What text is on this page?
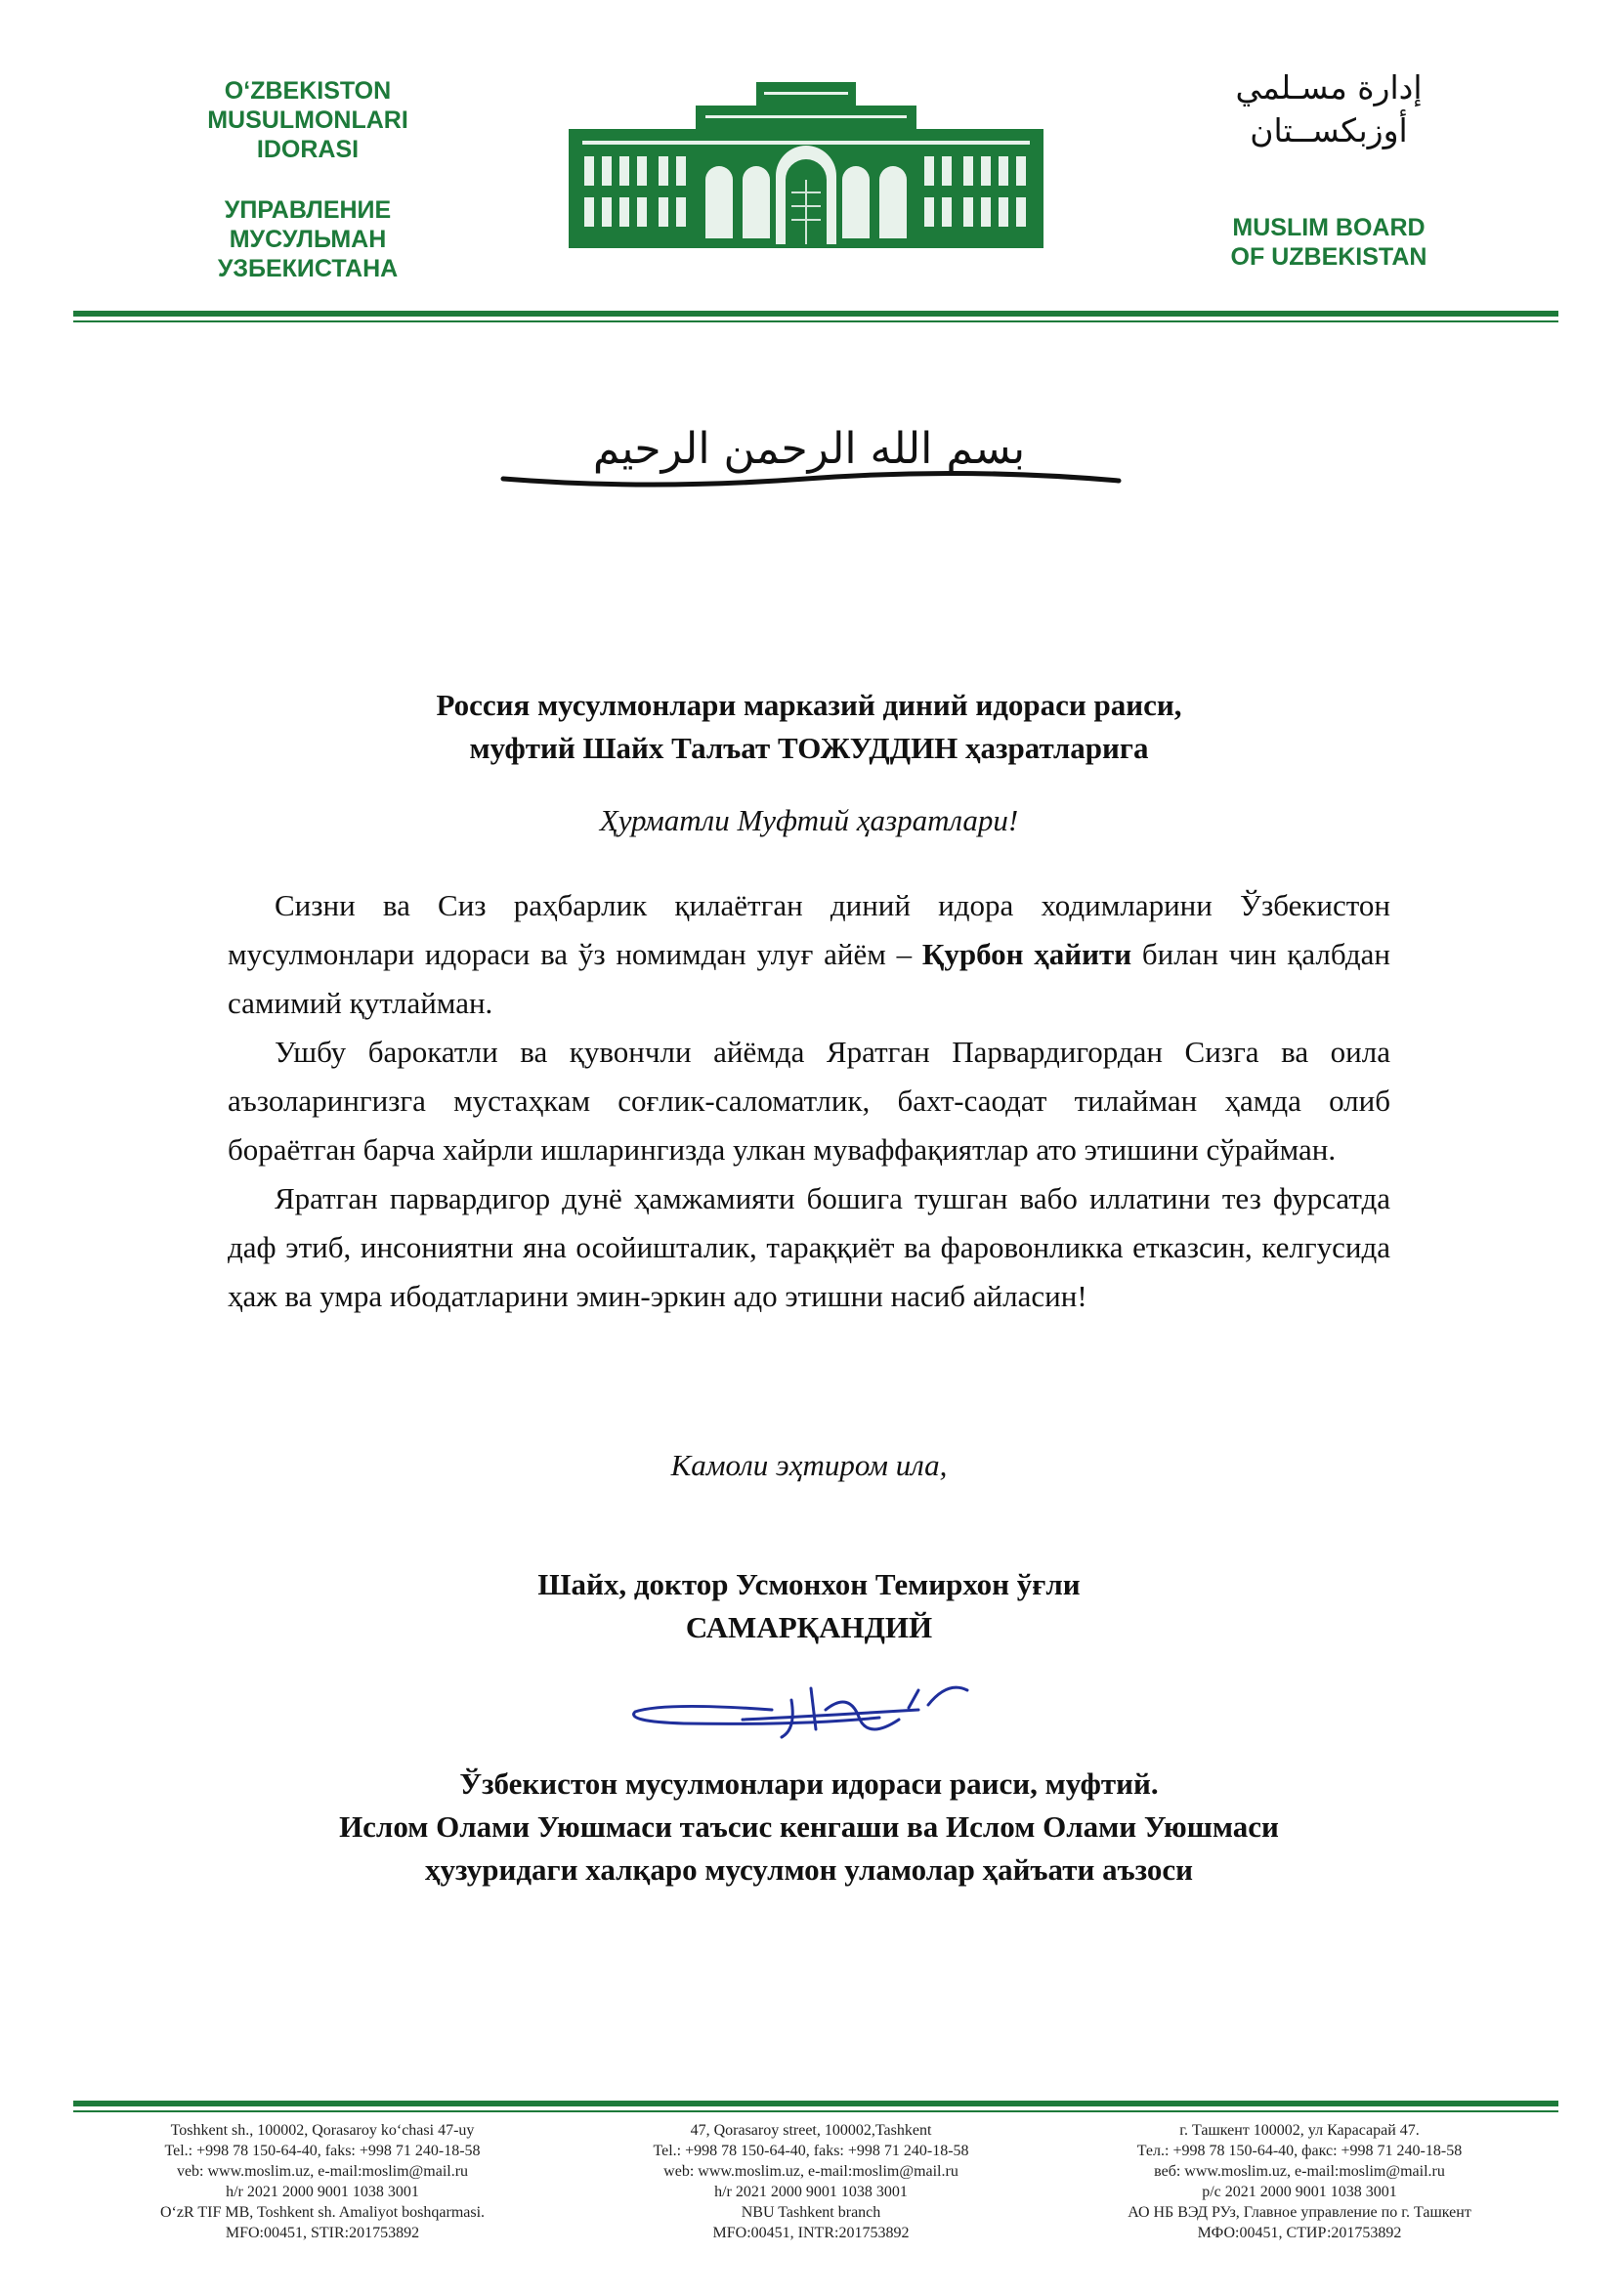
O‘ZBEKISTON
MUSULMONLARI
IDORASI
УПРАВЛЕНИЕ
МУСУЛЬМАН
УЗБЕКИСТАНА
إدارة مسـلمي
أوزبكســتان
MUSLIM BOARD
OF UZBEKISTAN
بسم الله الرحمن الرحيم
Россия мусулмонлари марказий диний идораси раиси,
муфтий Шайх Талъат ТОЖУДДИН ҳазратларига
Ҳурматли Муфтий ҳазратлари!

Сизни ва Сиз раҳбарлик қилаётган диний идора ходимларини Ўзбекистон мусулмонлари идораси ва ўз номимдан улуғ айём – Қурбон ҳайити билан чин қалбдан самимий қутлайман.

Ушбу барокатли ва қувончли айёмда Яратган Парвардигордан Сизга ва оила аъзоларингизга мустаҳкам соғлик-саломатлик, бахт-саодат тилайман ҳамда олиб бораётган барча хайрли ишларингизда улкан муваффақиятлар ато этишини сўрайман.

Яратган парвардигор дунё ҳамжамияти бошига тушган вабо иллатини тез фурсатда даф этиб, инсониятни яна осойишталик, тараққиёт ва фаровонликка етказсин, келгусида ҳаж ва умра ибодатларини эмин-эркин адо этишни насиб айласин!

Камоли эҳтиром ила,
Шайх, доктор Усмонхон Темирхон ўғли
САМАРҚАНДИЙ
Ўзбекистон мусулмонлари идораси раиси, муфтий.
Ислом Олами Уюшмаси таъсис кенгаши ва Ислом Олами Уюшмаси
ҳузуридаги халқаро мусулмон уламолар ҳайъати аъзоси
Toshkent sh., 100002, Qorasaroy ko‘chasi 47-uy
Tel.: +998 78 150-64-40, faks: +998 71 240-18-58
veb: www.moslim.uz, e-mail:moslim@mail.ru
h/r 2021 2000 9001 1038 3001
O‘zR TIF MB, Toshkent sh. Amaliyot boshqarmasi.
MFO:00451, STIR:201753892
47, Qorasaroy street, 100002,Tashkent
Tel.: +998 78 150-64-40, faks: +998 71 240-18-58
web: www.moslim.uz, e-mail:moslim@mail.ru
h/r 2021 2000 9001 1038 3001
NBU Tashkent branch
MFO:00451, INTR:201753892
г. Ташкент 100002, ул Карасарай 47.
Тел.: +998 78 150-64-40, факс: +998 71 240-18-58
веб: www.moslim.uz, e-mail:moslim@mail.ru
р/с 2021 2000 9001 1038 3001
АО НБ ВЭД РУз, Главное управление по г. Ташкент
МФО:00451, СТИР:201753892
